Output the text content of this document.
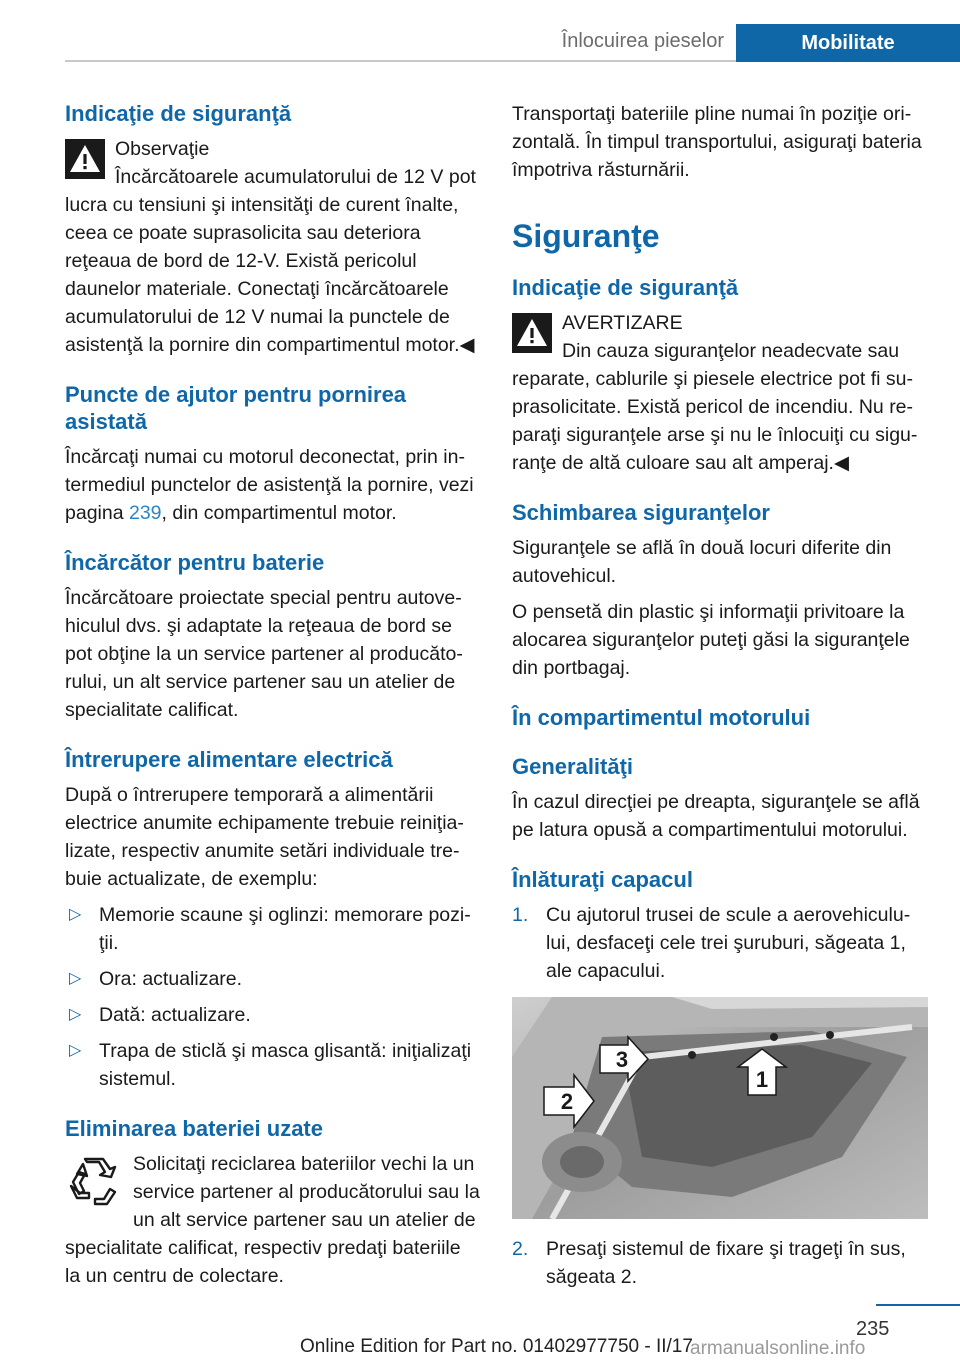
Înlocuirea pieselor	Mobilitate
Indicaţie de siguranţă
Observaţie

Încărcătoarele acumulatorului de 12 V pot lucra cu tensiuni şi intensităţi de curent înalte, ceea ce poate suprasolicita sau deteriora reţeaua de bord de 12-V. Există pericolul daunelor materiale. Conectaţi încărcătoarele acumulatorului de 12 V numai la punctele de asistenţă la pornire din compartimentul motor.◀

Puncte de ajutor pentru pornirea asistată

Încărcaţi numai cu motorul deconectat, prin intermediul punctelor de asistenţă la pornire, vezi pagina 239, din compartimentul motor.

Încărcător pentru baterie

Încărcătoare proiectate special pentru autovehiculul dvs. şi adaptate la reţeaua de bord se pot obţine la un service partener al producătorului, un alt service partener sau un atelier de specialitate calificat.

Întrerupere alimentare electrică

După o întrerupere temporară a alimentării electrice anumite echipamente trebuie reiniţializate, respectiv anumite setări individuale trebuie actualizate, de exemplu:

▷ Memorie scaune şi oglinzi: memorare poziţii.
▷ Ora: actualizare.
▷ Dată: actualizare.
▷ Trapa de sticlă şi masca glisantă: iniţializaţi sistemul.
Eliminarea bateriei uzate

Solicitaţi reciclarea bateriilor vechi la un service partener al producătorului sau la un alt service partener sau un atelier de specialitate calificat, respectiv predaţi bateriile la un centru de colectare.

Transportaţi bateriile pline numai în poziţie orizontală. În timpul transportului, asiguraţi bateria împotriva răsturnării.

Siguranţe
Indicaţie de siguranţă
AVERTIZARE

Din cauza siguranţelor neadecvate sau reparate, cablurile şi piesele electrice pot fi suprasolicitate. Există pericol de incendiu. Nu reparaţi siguranţele arse şi nu le înlocuiţi cu siguranţe de altă culoare sau alt amperaj.◀

Schimbarea siguranţelor

Siguranţele se află în două locuri diferite din autovehicul.

O pensetă din plastic şi informaţii privitoare la alocarea siguranţelor puteţi găsi la siguranţele din portbagaj.

În compartimentul motorului
Generalităţi

În cazul direcţiei pe dreapta, siguranţele se află pe latura opusă a compartimentului motorului.

Înlăturaţi capacul
1. Cu ajutorul trusei de scule a aerovehiculului, desfaceţi cele trei şuruburi, săgeata 1, ale capacului.
1
2
3
2. Presaţi sistemul de fixare şi trageţi în sus, săgeata 2.
235
Online Edition for Part no. 01402977750 - II/17
armanualsonline.info
